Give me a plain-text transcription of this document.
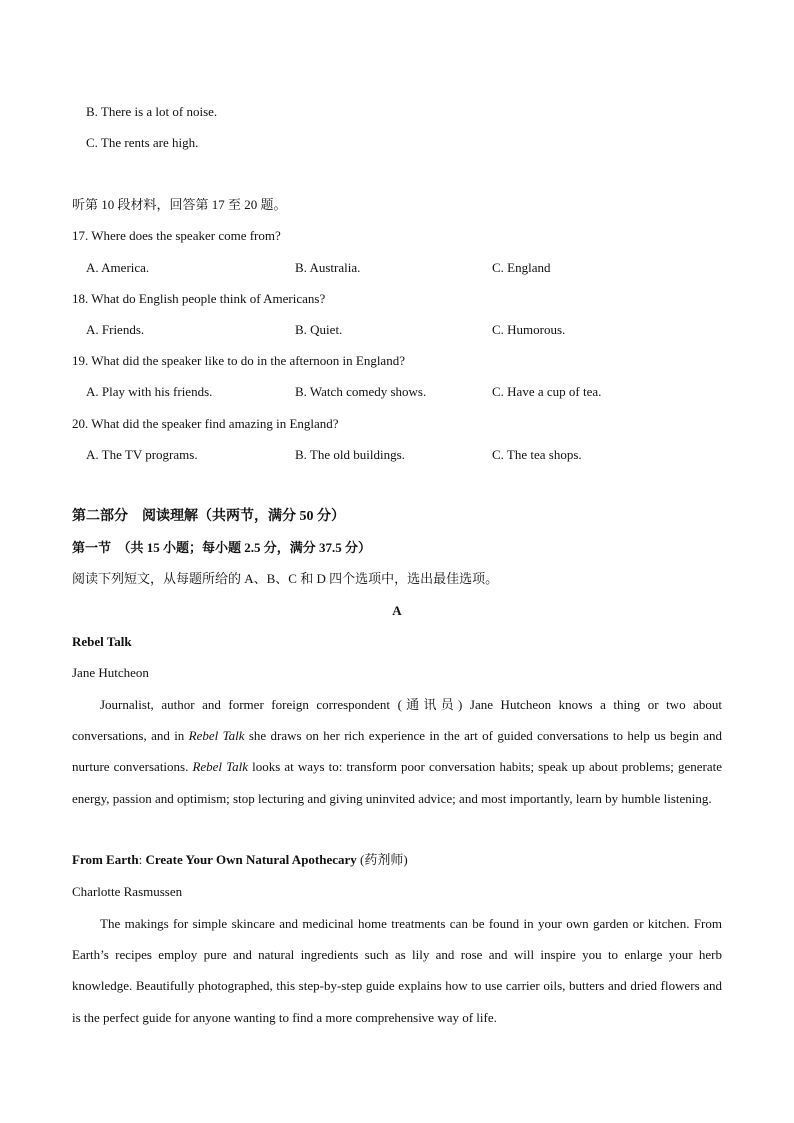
B. There is a lot of noise.
C. The rents are high.
听第 10 段材料，回答第 17 至 20 题。
17. Where does the speaker come from?
A. America.	B. Australia.	C. England
18. What do English people think of Americans?
A. Friends.	B. Quiet.	C. Humorous.
19. What did the speaker like to do in the afternoon in England?
A. Play with his friends.	B. Watch comedy shows.	C. Have a cup of tea.
20. What did the speaker find amazing in England?
A. The TV programs.	B. The old buildings.	C. The tea shops.
第二部分　阅读理解（共两节，满分 50 分）
第一节　（共 15 小题；每小题 2.5 分，满分 37.5 分）
阅读下列短文，从每题所给的 A、B、C 和 D 四个选项中，选出最佳选项。
A
Rebel Talk
Jane Hutcheon

Journalist, author and former foreign correspondent (通讯员) Jane Hutcheon knows a thing or two about conversations, and in Rebel Talk she draws on her rich experience in the art of guided conversations to help us begin and nurture conversations. Rebel Talk looks at ways to: transform poor conversation habits; speak up about problems; generate energy, passion and optimism; stop lecturing and giving uninvited advice; and most importantly, learn by humble listening.

From Earth: Create Your Own Natural Apothecary (药剂师)
Charlotte Rasmussen

The makings for simple skincare and medicinal home treatments can be found in your own garden or kitchen. From Earth’s recipes employ pure and natural ingredients such as lily and rose and will inspire you to enlarge your herb knowledge. Beautifully photographed, this step-by-step guide explains how to use carrier oils, butters and dried flowers and is the perfect guide for anyone wanting to find a more comprehensive way of life.
